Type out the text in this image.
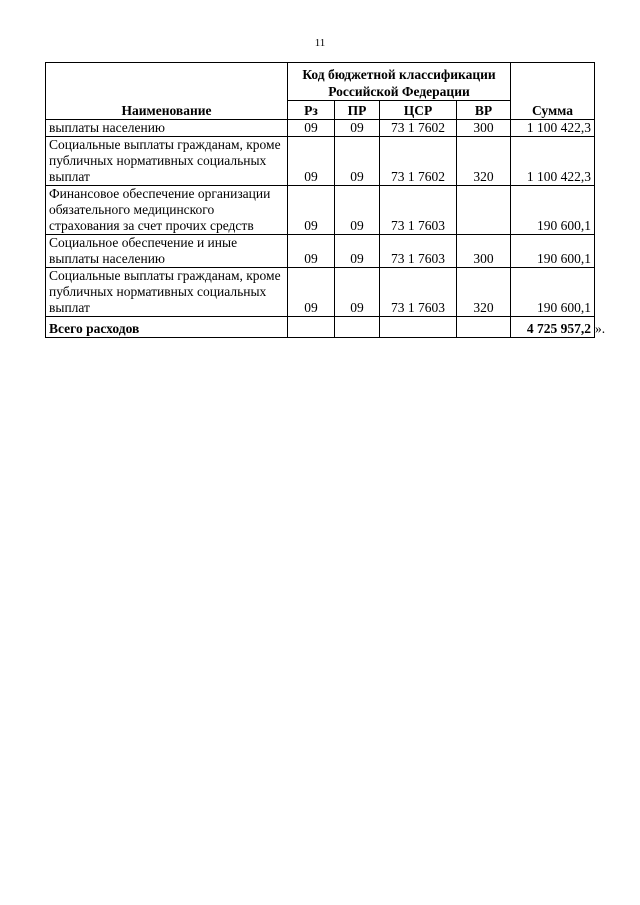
11
Наименование	Код бюджетной классификации Российской Федерации				Сумма
	Рз	ПР	ЦСР	ВР	
выплаты населению	09	09	73 1 7602	300	1 100 422,3
Социальные выплаты гражданам, кроме публичных нормативных социальных выплат	09	09	73 1 7602	320	1 100 422,3
Финансовое обеспечение организации обязательного медицинского страхования за счет прочих средств	09	09	73 1 7603		190 600,1
Социальное обеспечение и иные выплаты населению	09	09	73 1 7603	300	190 600,1
Социальные выплаты гражданам, кроме публичных нормативных социальных выплат	09	09	73 1 7603	320	190 600,1
Всего расходов					4 725 957,2 ».
